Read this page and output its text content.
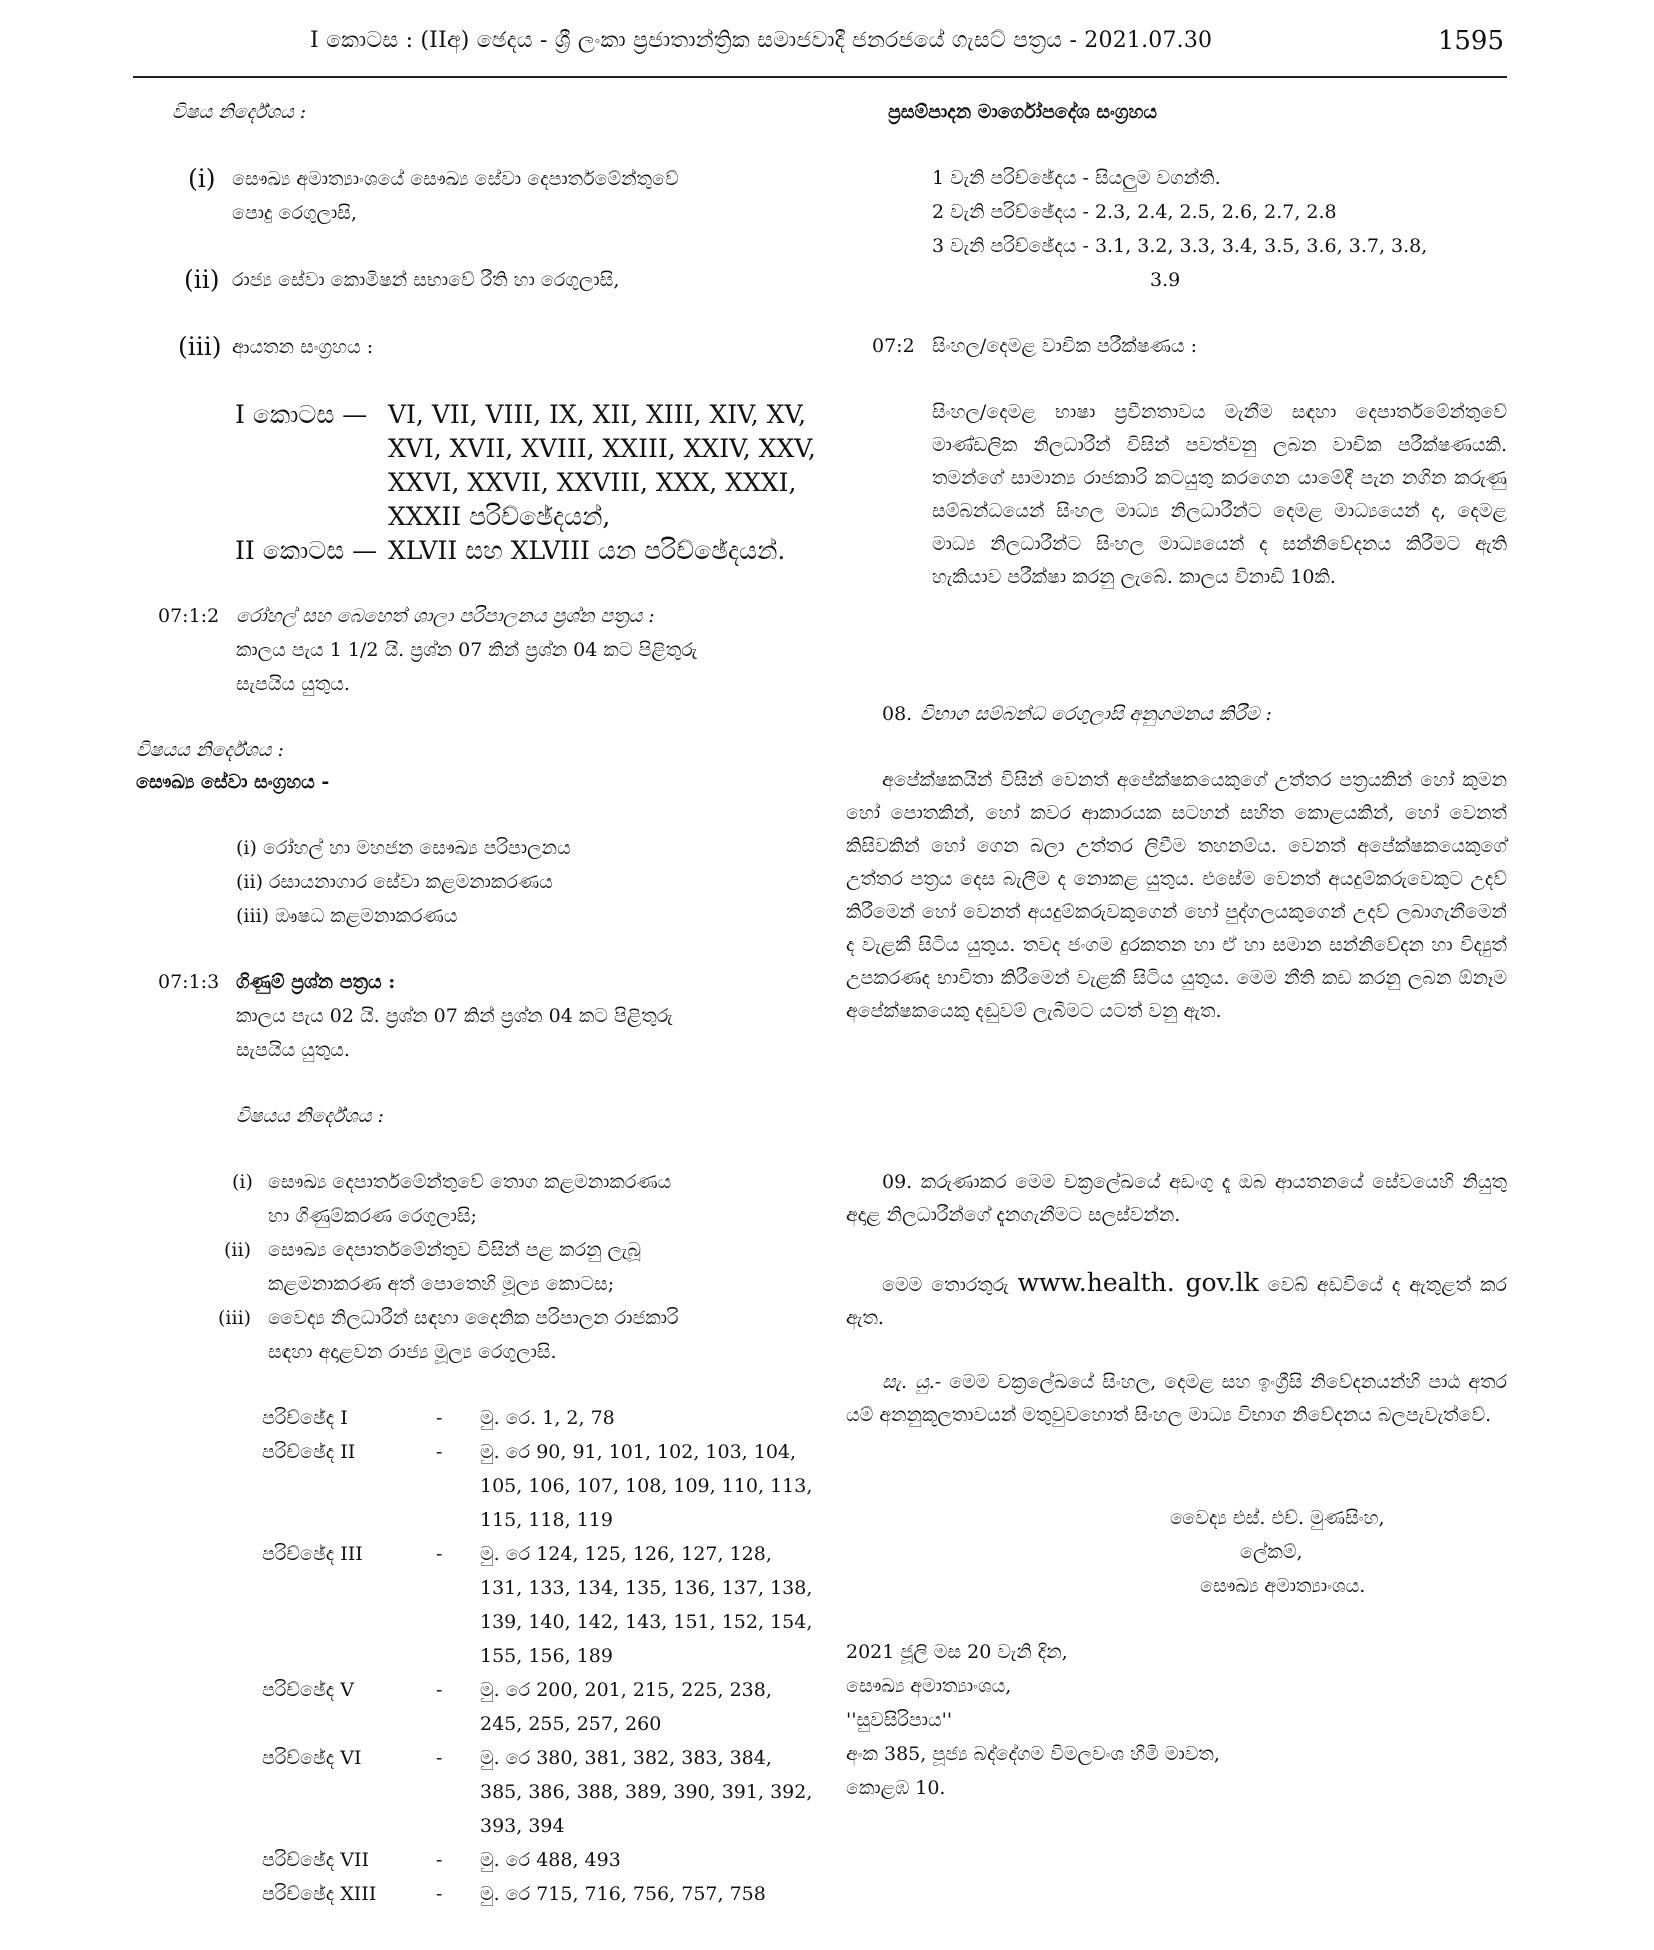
I කොටස : (IIඅ) ඡෙදය - ශ්‍රී ලංකා ප්‍රජාතාන්ත්‍රික සමාජවාදී ජනරජයේ ගැසට් පත්‍රය - 2021.07.30	1595
විෂය නිර්දේශය :
(i) සෞඛ්‍ය අමාත්‍යාංශයේ සෞඛ්‍ය සේවා දෙපාර්තමේන්තුවේ
පොදු රෙගුලාසි,
(ii) රාජ්‍ය සේවා කොමිෂන් සභාවේ රීති හා රෙගුලාසි,
(iii) ආයතන සංග්‍රහය :
I කොටස — VI, VII, VIII, IX, XII, XIII, XIV, XV,
XVI, XVII, XVIII, XXIII, XXIV, XXV,
XXVI, XXVII, XXVIII, XXX, XXXI,
XXXII පරිච්ඡේදයන්,
II කොටස — XLVII සහ XLVIII යන පරිච්ඡේදයන්.
07:1:2 රෝහල් සහ බෙහෙත් ශාලා පරිපාලනය ප්‍රශ්න පත්‍රය :
කාලය පැය 1 1/2 යි. ප්‍රශ්න 07 කින් ප්‍රශ්න 04 කට පිළිතුරු
සැපයිය යුතුය.
විෂයය නිර්දේශය :
සෞඛ්‍ය සේවා සංග්‍රහය -
(i) රෝහල් හා මහජන සෞඛ්‍ය පරිපාලනය
(ii) රසායනාගාර සේවා කළමනාකරණය
(iii) ඖෂධ කළමනාකරණය
07:1:3 ගිණුම් ප්‍රශ්න පත්‍රය :
කාලය පැය 02 යි. ප්‍රශ්න 07 කින් ප්‍රශ්න 04 කට පිළිතුරු
සැපයිය යුතුය.
විෂයය නිර්දේශය :
(i) සෞඛ්‍ය දෙපාර්තමේන්තුවේ තොග කළමනාකරණය
හා ගිණුම්කරණ රෙගුලාසි;
(ii) සෞඛ්‍ය දෙපාර්තමේන්තුව විසින් පළ කරනු ලැබූ
කළමනාකරණ අත් පොතෙහි මූල්‍ය කොටස;
(iii) වෛද්‍ය නිලධාරීන් සඳහා දෛනික පරිපාලන රාජකාරි
සඳහා අදාළවන රාජ්‍ය මූල්‍ය රෙගුලාසි.
පරිච්ඡේද I	- මු. රෙ. 1, 2, 78
පරිච්ඡේද II	- මු. රෙ 90, 91, 101, 102, 103, 104,
105, 106, 107, 108, 109, 110, 113,
115, 118, 119
පරිච්ඡේද III	- මු. රෙ 124, 125, 126, 127, 128,
131, 133, 134, 135, 136, 137, 138,
139, 140, 142, 143, 151, 152, 154,
155, 156, 189
පරිච්ඡේද V	- මු. රෙ 200, 201, 215, 225, 238,
245, 255, 257, 260
පරිච්ඡේද VI	- මු. රෙ 380, 381, 382, 383, 384,
385, 386, 388, 389, 390, 391, 392,
393, 394
පරිච්ඡේද VII	- මු. රෙ 488, 493
පරිච්ඡේද XIII	- මු. රෙ 715, 716, 756, 757, 758
ප්‍රසම්පාදන මාර්ගෝපදේශ සංග්‍රහය
1 වැනි පරිච්ඡේදය - සියලුම වගන්ති.
2 වැනි පරිච්ඡේදය - 2.3, 2.4, 2.5, 2.6, 2.7, 2.8
3 වැනි පරිච්ඡේදය - 3.1, 3.2, 3.3, 3.4, 3.5, 3.6, 3.7, 3.8,
3.9
07:2 සිංහල/දෙමළ වාචික පරීක්ෂණය :
සිංහල/දෙමළ භාෂා ප්‍රවීනතාවය මැනීම සඳහා දෙපාර්තමේන්තුවේ මාණ්ඩලික නිලධාරීන් විසින් පවත්වනු ලබන වාචික පරීක්ෂණයකි. තමන්ගේ සාමාන්‍ය රාජකාරි කටයුතු කරගෙන යාමේදී පැන නගින කරුණු සම්බන්ධයෙන් සිංහල මාධ්‍ය නිලධාරීන්ට දෙමළ මාධ්‍යයෙන් ද, දෙමළ මාධ්‍ය නිලධාරීන්ට සිංහල මාධ්‍යයෙන් ද සන්නිවේදනය කිරීමට ඇති හැකියාව පරීක්ෂා කරනු ලැබේ. කාලය විනාඩි 10කි.
08. විභාග සම්බන්ධ රෙගුලාසි අනුගමනය කිරීම :
අපේක්ෂකයින් විසින් වෙනත් අපේක්ෂකයෙකුගේ උත්තර පත්‍රයකින් හෝ කුමන හෝ පොතකින්, හෝ කවර ආකාරයක සටහන් සහිත කොළයකින්, හෝ වෙනත් කිසිවකින් හෝ ගෙන බලා උත්තර ලිවීම තහනම්ය. වෙනත් අපේක්ෂකයෙකුගේ උත්තර පත්‍රය දෙස බැලීම ද නොකළ යුතුය. එසේම වෙනත් අයදුම්කරුවෙකුට උදව් කිරීමෙන් හෝ වෙනත් අයදුම්කරුවකුගෙන් හෝ පුද්ගලයකුගෙන් උදව් ලබාගැනීමෙන් ද වැළකී සිටිය යුතුය. තවද ජංගම දුරකතන හා ඒ හා සමාන සන්නිවේදන හා විද්‍යුත් උපකරණද භාවිතා කිරීමෙන් වැළකී සිටිය යුතුය. මෙම නීති කඩ කරනු ලබන ඕනෑම අපේක්ෂකයෙකු දඬුවම් ලැබීමට යටත් වනු ඇත.
09. කරුණාකර මෙම චක්‍රලේඛයේ අඩංගු දෑ ඔබ ආයතනයේ සේවයෙහි නියුතු අදාළ නිලධාරීන්ගේ දැනගැනීමට සලස්වන්න.
මෙම තොරතුරු www.health. gov.lk වෙබ් අඩවියේ ද ඇතුළත් කර ඇත.
සැ. යු.- මෙම චක්‍රලේඛයේ සිංහල, දෙමළ සහ ඉංග්‍රීසි නිවේදනයන්හි පාඨ අතර යම් අනනුකූලතාවයන් මතුවුවහොත් සිංහල මාධ්‍ය විභාග නිවේදනය බලපැවැත්වේ.
වෛද්‍ය එස්. එච්. මුණසිංහ,
ලේකම්,
සෞඛ්‍ය අමාත්‍යාංශය.
2021 ජූලි මස 20 වැනි දින,
සෞඛ්‍ය අමාත්‍යාංශය,
''සුවසිරිපාය''
අංක 385, පූජ්‍ය බද්දේගම විමලවංශ හිමි මාවත,
කොළඹ 10.
